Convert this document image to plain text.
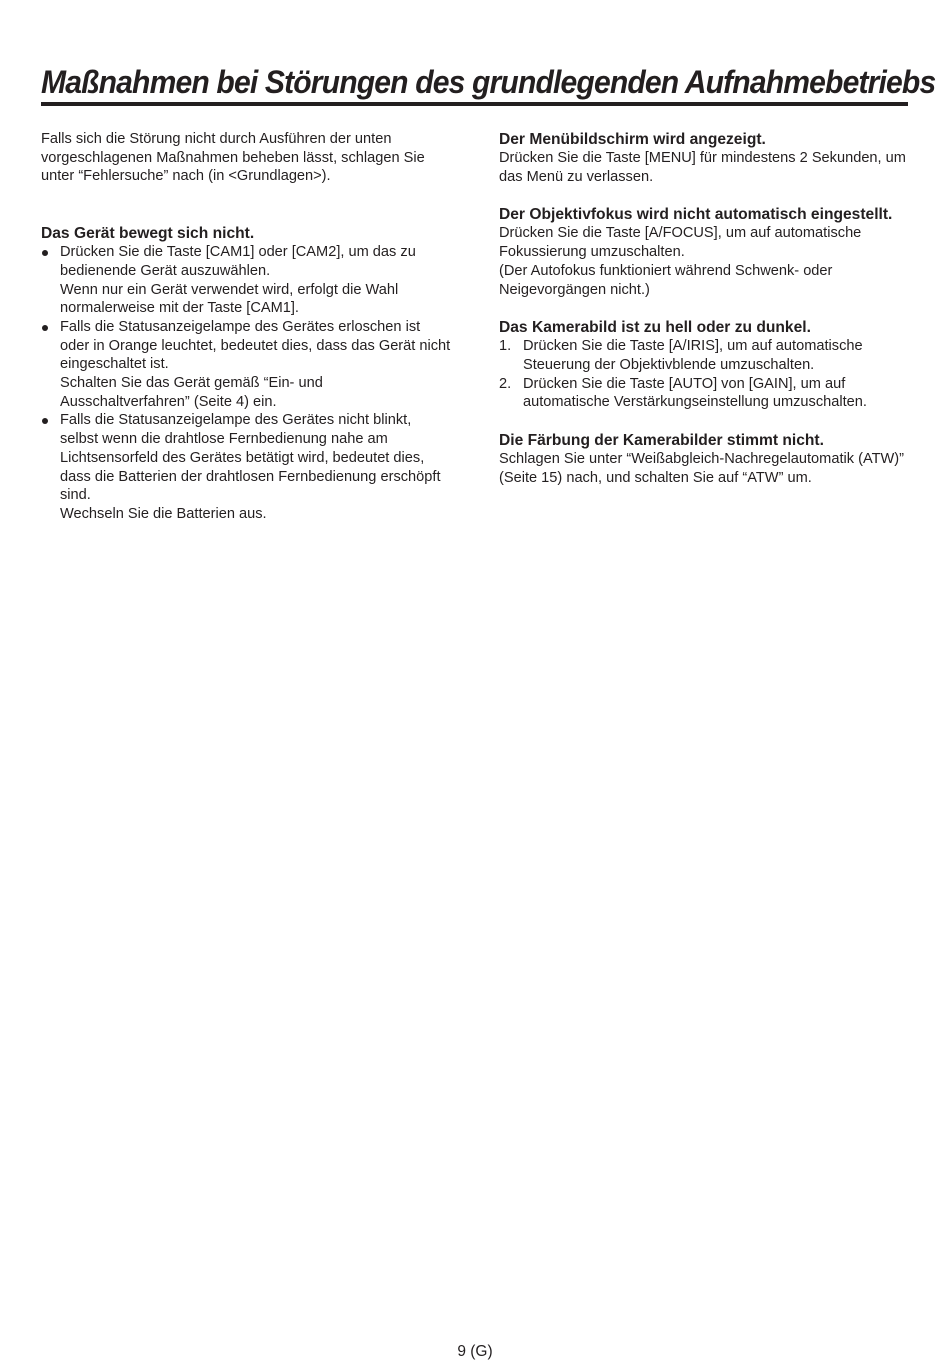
Maßnahmen bei Störungen des grundlegenden Aufnahmebetriebs

Falls sich die Störung nicht durch Ausführen der unten vorgeschlagenen Maßnahmen beheben lässt, schlagen Sie unter “Fehlersuche” nach (in <Grundlagen>).

Das Gerät bewegt sich nicht.

Drücken Sie die Taste [CAM1] oder [CAM2], um das zu bedienende Gerät auszuwählen.

Wenn nur ein Gerät verwendet wird, erfolgt die Wahl normalerweise mit der Taste [CAM1].

Falls die Statusanzeigelampe des Gerätes erloschen ist oder in Orange leuchtet, bedeutet dies, dass das Gerät nicht eingeschaltet ist.

Schalten Sie das Gerät gemäß “Ein- und Ausschaltverfahren” (Seite 4) ein.

Falls die Statusanzeigelampe des Gerätes nicht blinkt, selbst wenn die drahtlose Fernbedienung nahe am Lichtsensorfeld des Gerätes betätigt wird, bedeutet dies, dass die Batterien der drahtlosen Fernbedienung erschöpft sind.

Wechseln Sie die Batterien aus.

Der Menübildschirm wird angezeigt.

Drücken Sie die Taste [MENU] für mindestens 2 Sekunden, um das Menü zu verlassen.

Der Objektivfokus wird nicht automatisch eingestellt.

Drücken Sie die Taste [A/FOCUS], um auf automatische Fokussierung umzuschalten.

(Der Autofokus funktioniert während Schwenk- oder Neigevorgängen nicht.)

Das Kamerabild ist zu hell oder zu dunkel.
1. Drücken Sie die Taste [A/IRIS], um auf automatische Steuerung der Objektivblende umzuschalten.
2. Drücken Sie die Taste [AUTO] von [GAIN], um auf automatische Verstärkungseinstellung umzuschalten.
Die Färbung der Kamerabilder stimmt nicht.

Schlagen Sie unter “Weißabgleich-Nachregelautomatik (ATW)” (Seite 15) nach, und schalten Sie auf “ATW” um.

9 (G)
